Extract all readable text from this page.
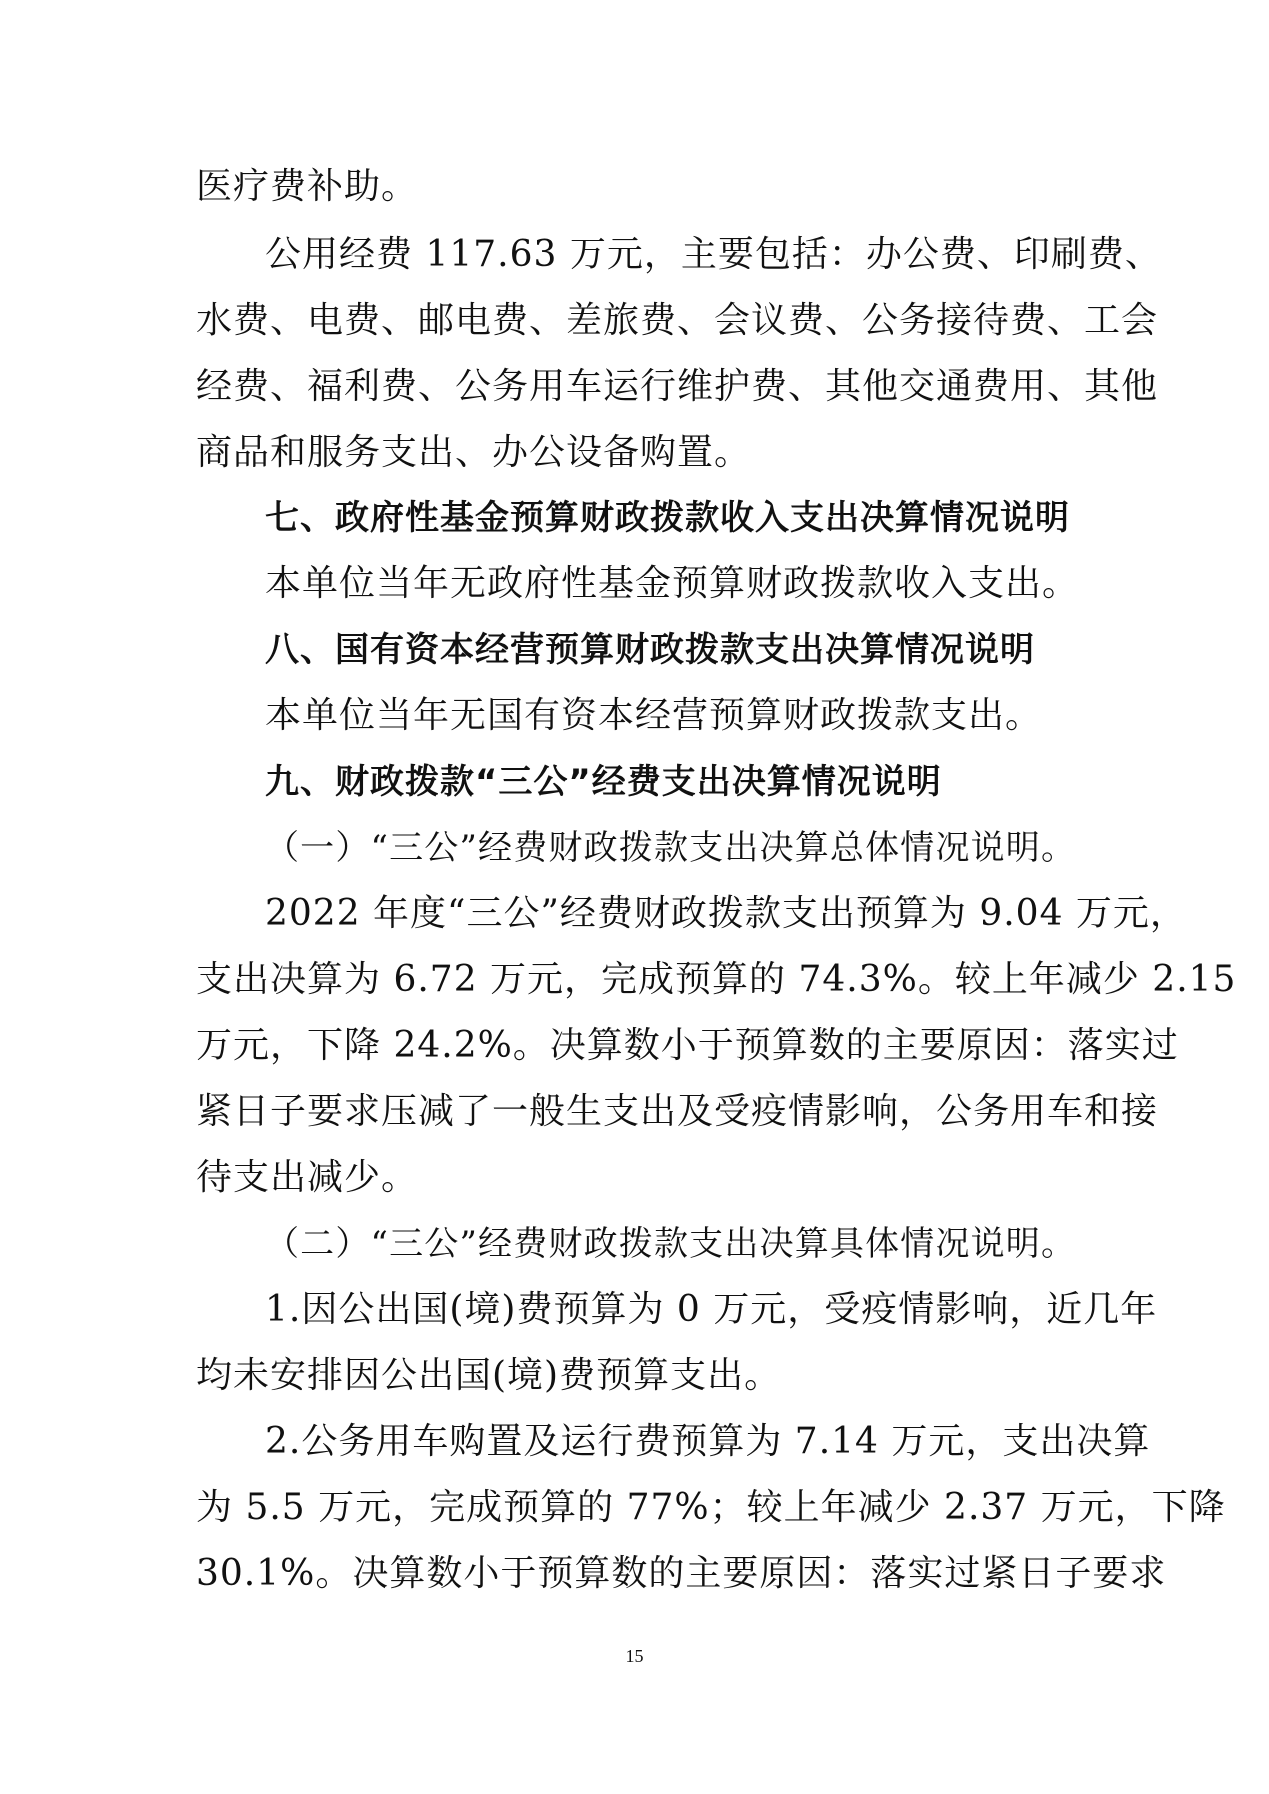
医疗费补助。
公用经费 117.63 万元，主要包括：办公费、印刷费、
水费、电费、邮电费、差旅费、会议费、公务接待费、工会
经费、福利费、公务用车运行维护费、其他交通费用、其他
商品和服务支出、办公设备购置。
七、政府性基金预算财政拨款收入支出决算情况说明
本单位当年无政府性基金预算财政拨款收入支出。
八、国有资本经营预算财政拨款支出决算情况说明
本单位当年无国有资本经营预算财政拨款支出。
九、财政拨款“三公”经费支出决算情况说明
（一）“三公”经费财政拨款支出决算总体情况说明。
2022 年度“三公”经费财政拨款支出预算为 9.04 万元，
支出决算为 6.72 万元，完成预算的 74.3%。较上年减少 2.15
万元，下降 24.2%。决算数小于预算数的主要原因：落实过
紧日子要求压减了一般生支出及受疫情影响，公务用车和接
待支出减少。
（二）“三公”经费财政拨款支出决算具体情况说明。
1.因公出国(境)费预算为 0 万元，受疫情影响，近几年
均未安排因公出国(境)费预算支出。
2.公务用车购置及运行费预算为 7.14 万元，支出决算
为 5.5 万元，完成预算的 77%；较上年减少 2.37 万元，下降
30.1%。决算数小于预算数的主要原因：落实过紧日子要求
15
